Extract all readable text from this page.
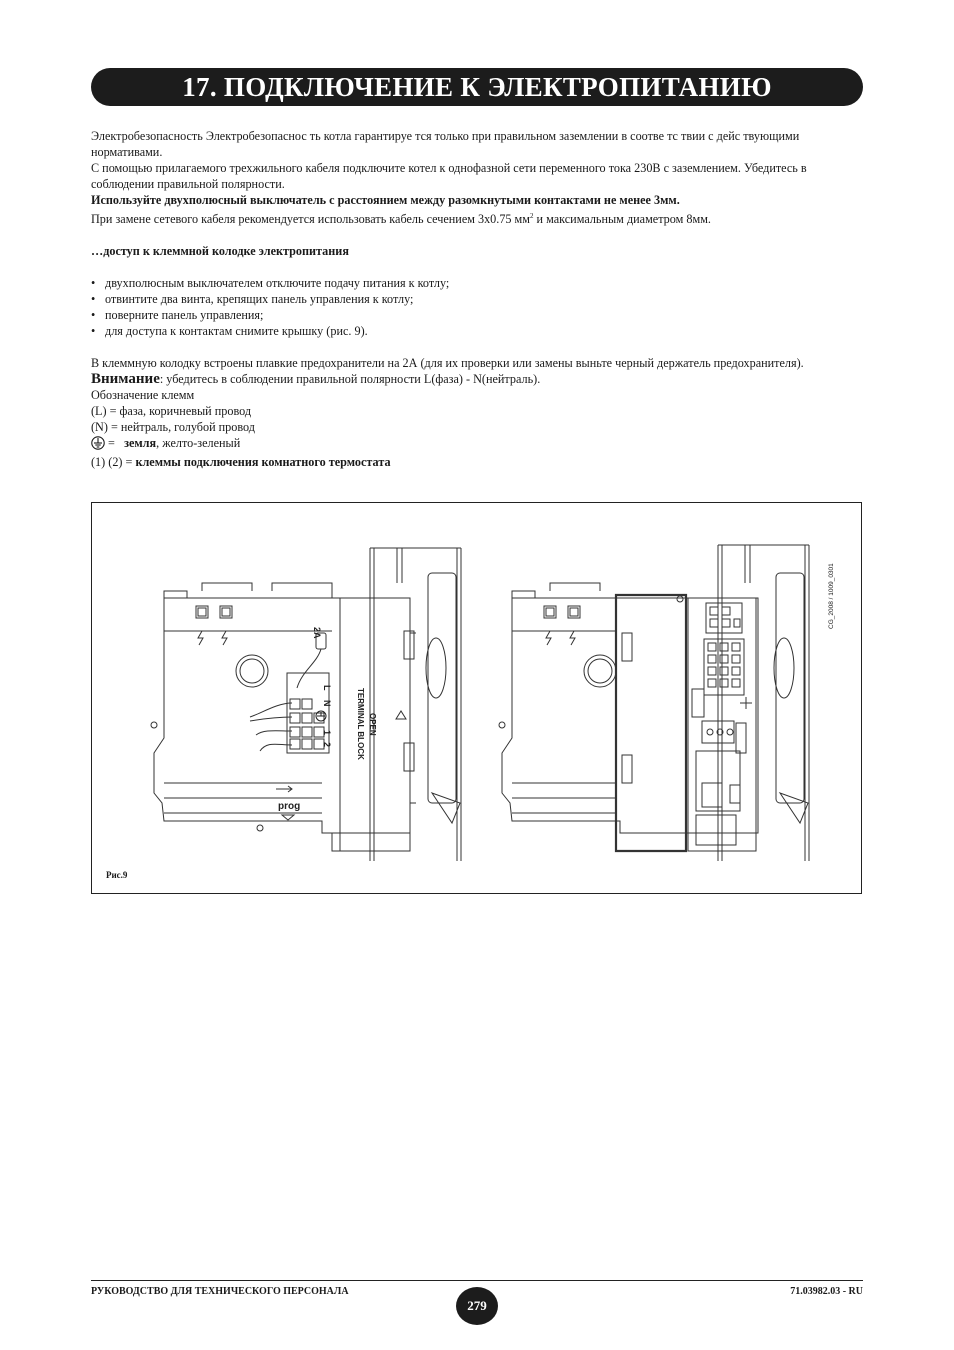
17. ПОДКЛЮЧЕНИЕ К ЭЛЕКТРОПИТАНИЮ

Электробезопасность Электробезопаснос ть котла гарантируе тся только при правильном заземлении в соотве тс твии с дейс твующими нормативами.

С помощью прилагаемого трехжильного кабеля подключите котел к однофазной сети переменного тока 230В с заземлением. Убедитесь в соблюдении правильной полярности.

Используйте двухполюсный выключатель с расстоянием между разомкнутыми контактами не менее 3мм.

При замене сетевого кабеля рекомендуется использовать кабель сечением 3х0.75 $мм^2$ и максимальным диаметром 8мм.

…доступ к клеммной колодке электропитания

• двухполюсным выключателем отключите подачу питания к котлу;
• отвинтите два винта, крепящих панель управления к котлу;
• поверните панель управления;
• для доступа к контактам снимите крышку (рис. 9).

В клеммную колодку встроены плавкие предохранители на 2А (для их проверки или замены выньте черный держатель предохранителя).

Внимание: убедитесь в соблюдении правильной полярности L(фаза) - N(нейтраль).

Обозначение клемм

(L) = фаза, коричневый провод

(N) = нейтраль, голубой провод

=   земля, желто-зеленый

(1) (2) = клеммы подключения комнатного термостата

2A
L
N
1
2
OPEN
TERMINAL BLOCK
prog
CG_2008 / 1009_0301
Рис.9
РУКОВОДСТВО ДЛЯ ТЕХНИЧЕСКОГО ПЕРСОНАЛА
279
71.03982.03 - RU
